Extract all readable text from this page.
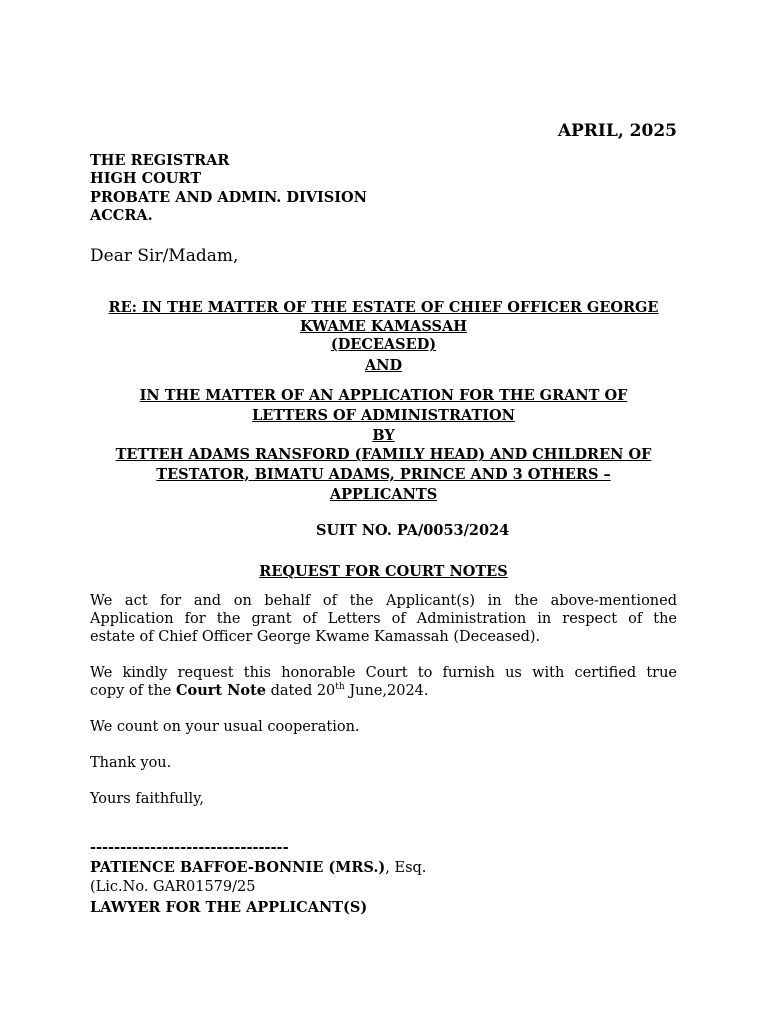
APRIL, 2025
THE REGISTRAR
HIGH COURT
PROBATE AND ADMIN. DIVISION
ACCRA.
Dear Sir/Madam,
RE: IN THE MATTER OF THE ESTATE OF CHIEF OFFICER GEORGE
KWAME KAMASSAH
(DECEASED)
AND
IN THE MATTER OF AN APPLICATION FOR THE GRANT OF
LETTERS OF ADMINISTRATION
BY
TETTEH ADAMS RANSFORD (FAMILY HEAD) AND CHILDREN OF
TESTATOR, BIMATU ADAMS, PRINCE AND 3 OTHERS –
APPLICANTS
SUIT NO. PA/0053/2024
REQUEST FOR COURT NOTES
We act for and on behalf of the Applicant(s) in the above-mentioned
Application for the grant of Letters of Administration in respect of the
estate of Chief Officer George Kwame Kamassah (Deceased).
We kindly request this honorable Court to furnish us with certified true
copy of the Court Note dated 20th June,2024.
We count on your usual cooperation.
Thank you.
Yours faithfully,
---------------------------------
PATIENCE BAFFOE-BONNIE (MRS.), Esq.
(Lic.No. GAR01579/25
LAWYER FOR THE APPLICANT(S)
